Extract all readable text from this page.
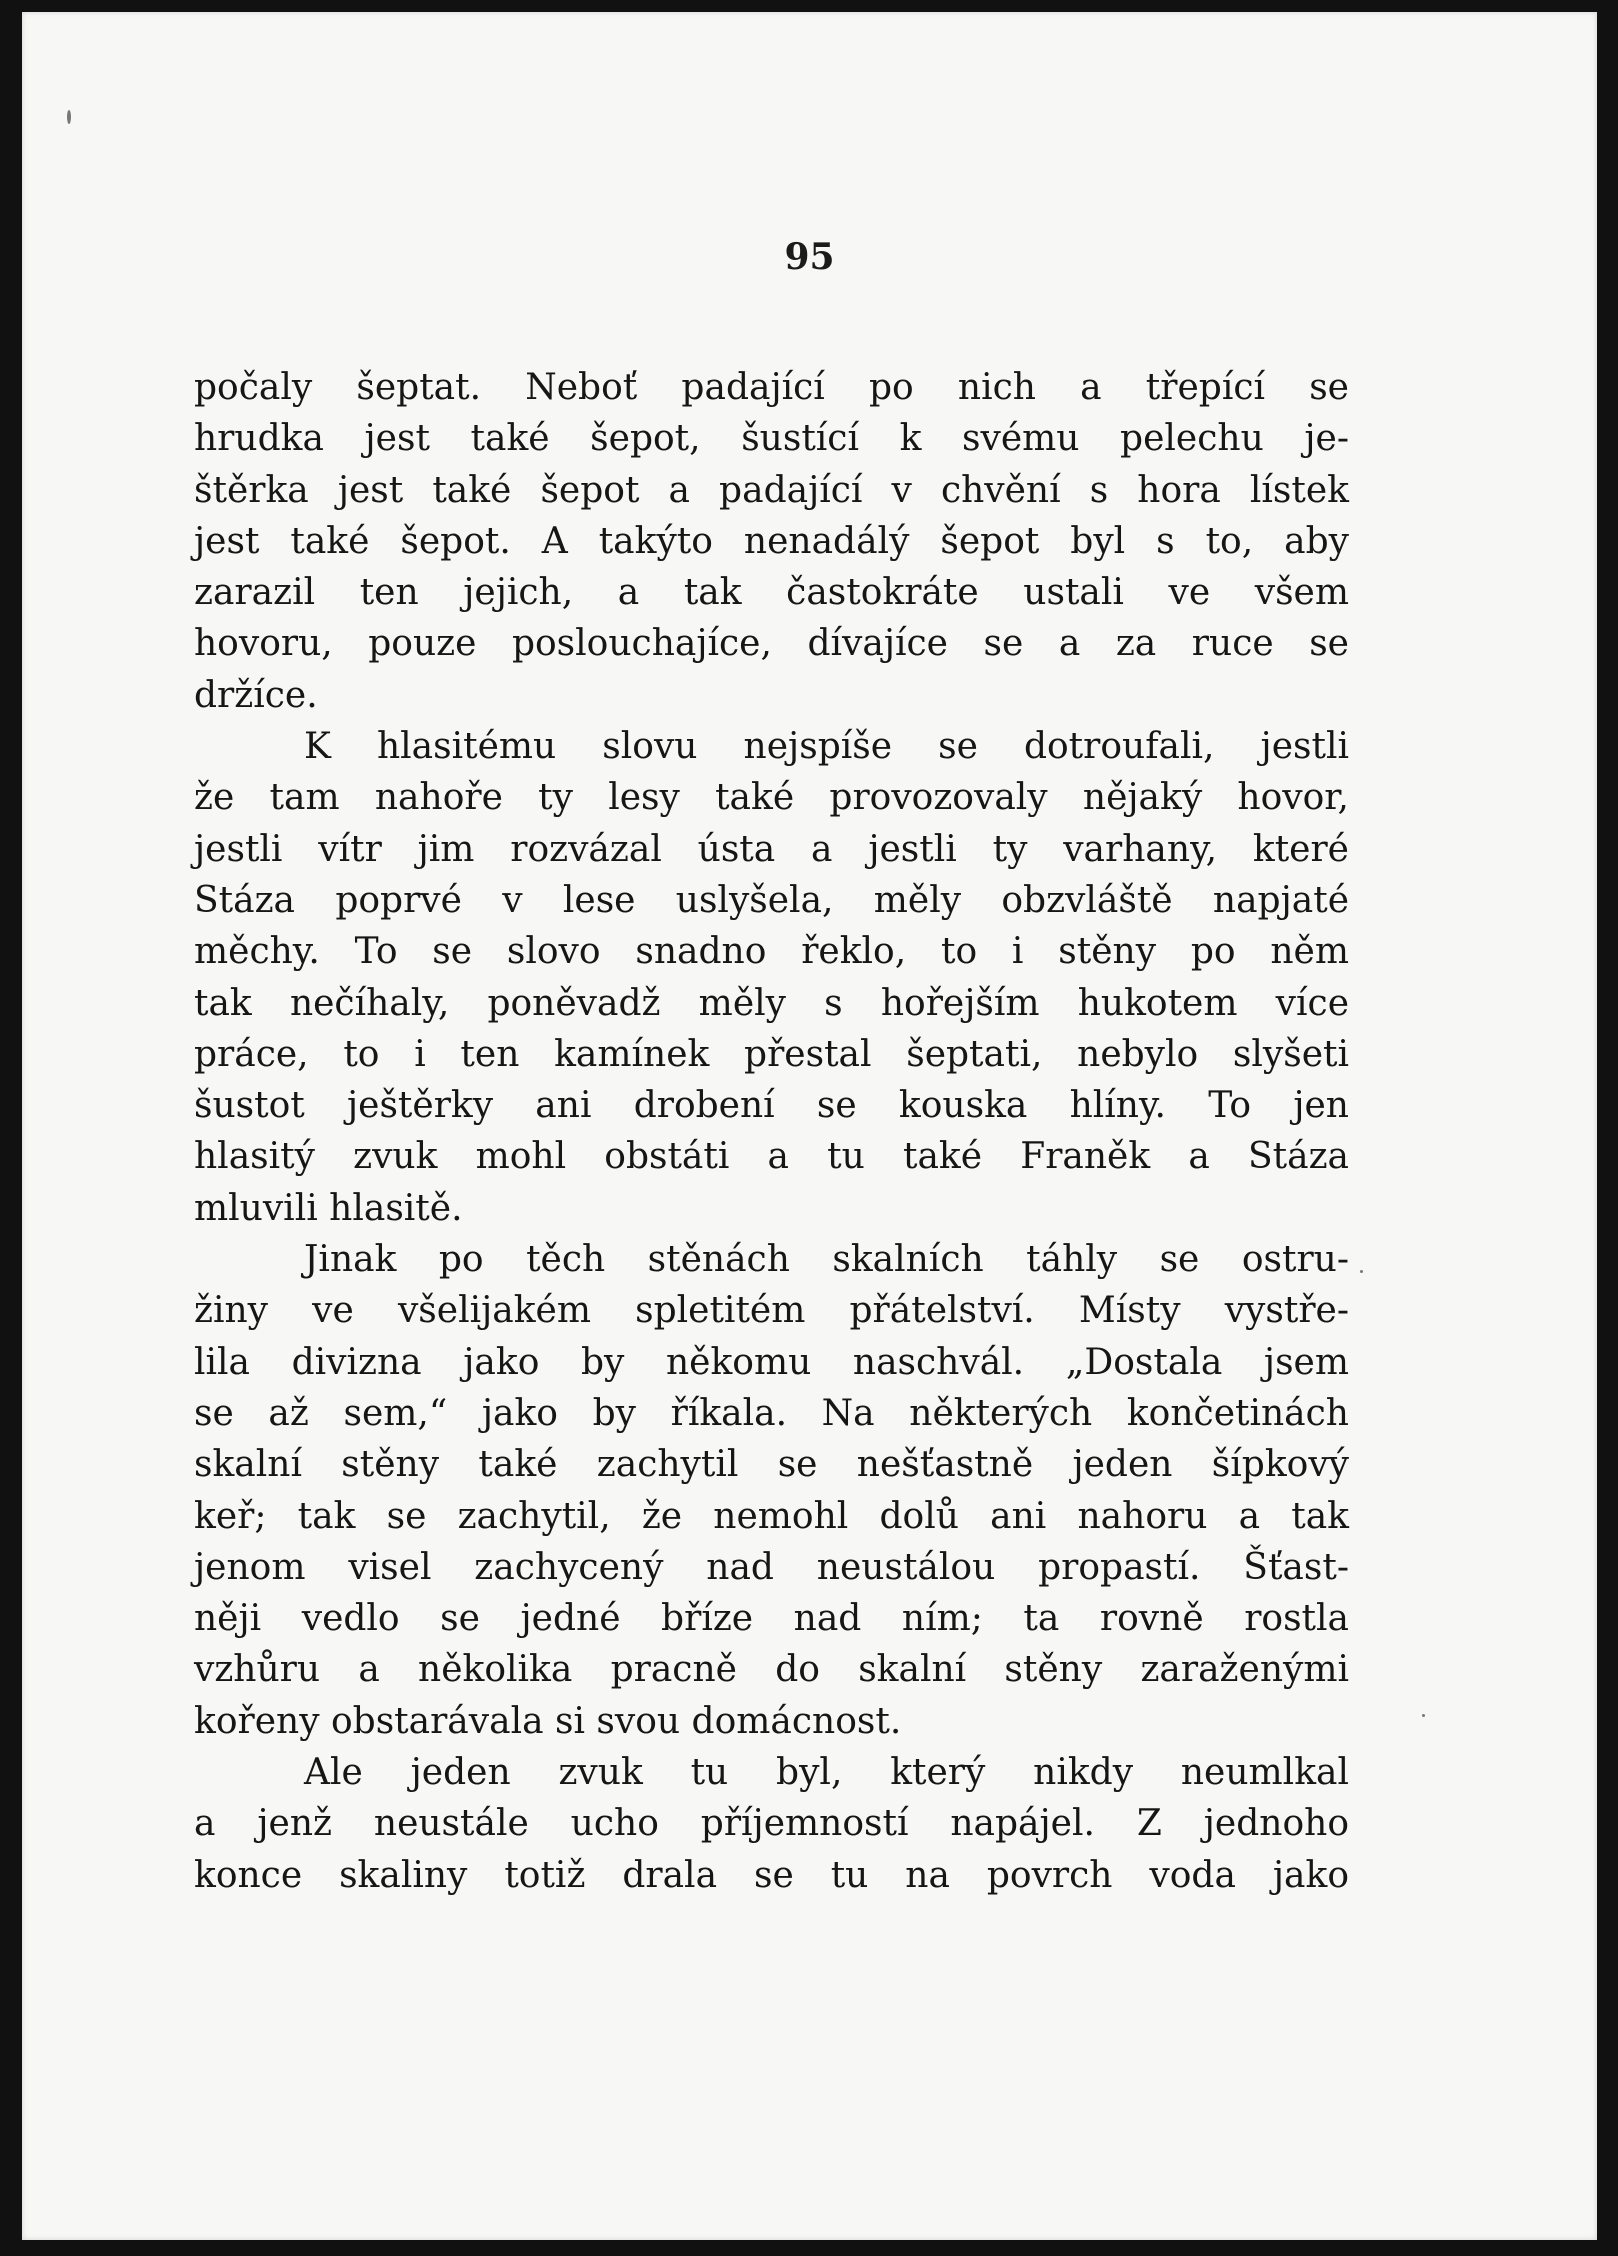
95
počaly šeptat. Neboť padající po nich a třepící se
hrudka jest také šepot, šustící k svému pelechu je-
štěrka jest také šepot a padající v chvění s hora lístek
jest také šepot. A takýto nenadálý šepot byl s to, aby
zarazil ten jejich, a tak častokráte ustali ve všem
hovoru, pouze poslouchajíce, dívajíce se a za ruce se
držíce.
K hlasitému slovu nejspíše se dotroufali, jestli
že tam nahoře ty lesy také provozovaly nějaký hovor,
jestli vítr jim rozvázal ústa a jestli ty varhany, které
Stáza poprvé v lese uslyšela, měly obzvláště napjaté
měchy. To se slovo snadno řeklo, to i stěny po něm
tak nečíhaly, poněvadž měly s hořejším hukotem více
práce, to i ten kamínek přestal šeptati, nebylo slyšeti
šustot ještěrky ani drobení se kouska hlíny. To jen
hlasitý zvuk mohl obstáti a tu také Franěk a Stáza
mluvili hlasitě.
Jinak po těch stěnách skalních táhly se ostru-
žiny ve všelijakém spletitém přátelství. Místy vystře-
lila divizna jako by někomu naschvál. „Dostala jsem
se až sem,“ jako by říkala. Na některých končetinách
skalní stěny také zachytil se nešťastně jeden šípkový
keř; tak se zachytil, že nemohl dolů ani nahoru a tak
jenom visel zachycený nad neustálou propastí. Šťast-
něji vedlo se jedné bříze nad ním; ta rovně rostla
vzhůru a několika pracně do skalní stěny zaraženými
kořeny obstarávala si svou domácnost.
Ale jeden zvuk tu byl, který nikdy neumlkal
a jenž neustále ucho příjemností napájel. Z jednoho
konce skaliny totiž drala se tu na povrch voda jako
